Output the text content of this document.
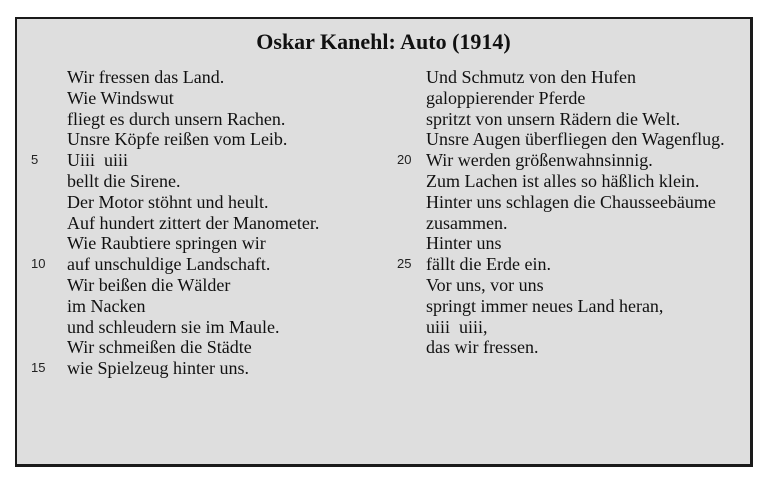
Oskar Kanehl: Auto (1914)
Wir fressen das Land.
Wie Windswut
fliegt es durch unsern Rachen.
Unsre Köpfe reißen vom Leib.
5 Uiii  uiii
bellt die Sirene.
Der Motor stöhnt und heult.
Auf hundert zittert der Manometer.
Wie Raubtiere springen wir
10 auf unschuldige Landschaft.
Wir beißen die Wälder
im Nacken
und schleudern sie im Maule.
Wir schmeißen die Städte
15 wie Spielzeug hinter uns.
Und Schmutz von den Hufen
galoppierender Pferde
spritzt von unsern Rädern die Welt.
Unsre Augen überfliegen den Wagenflug.
20 Wir werden größenwahnsinnig.
Zum Lachen ist alles so häßlich klein.
Hinter uns schlagen die Chausseebäume
zusammen.
Hinter uns
25 fällt die Erde ein.
Vor uns, vor uns
springt immer neues Land heran,
uiii  uiii,
das wir fressen.
